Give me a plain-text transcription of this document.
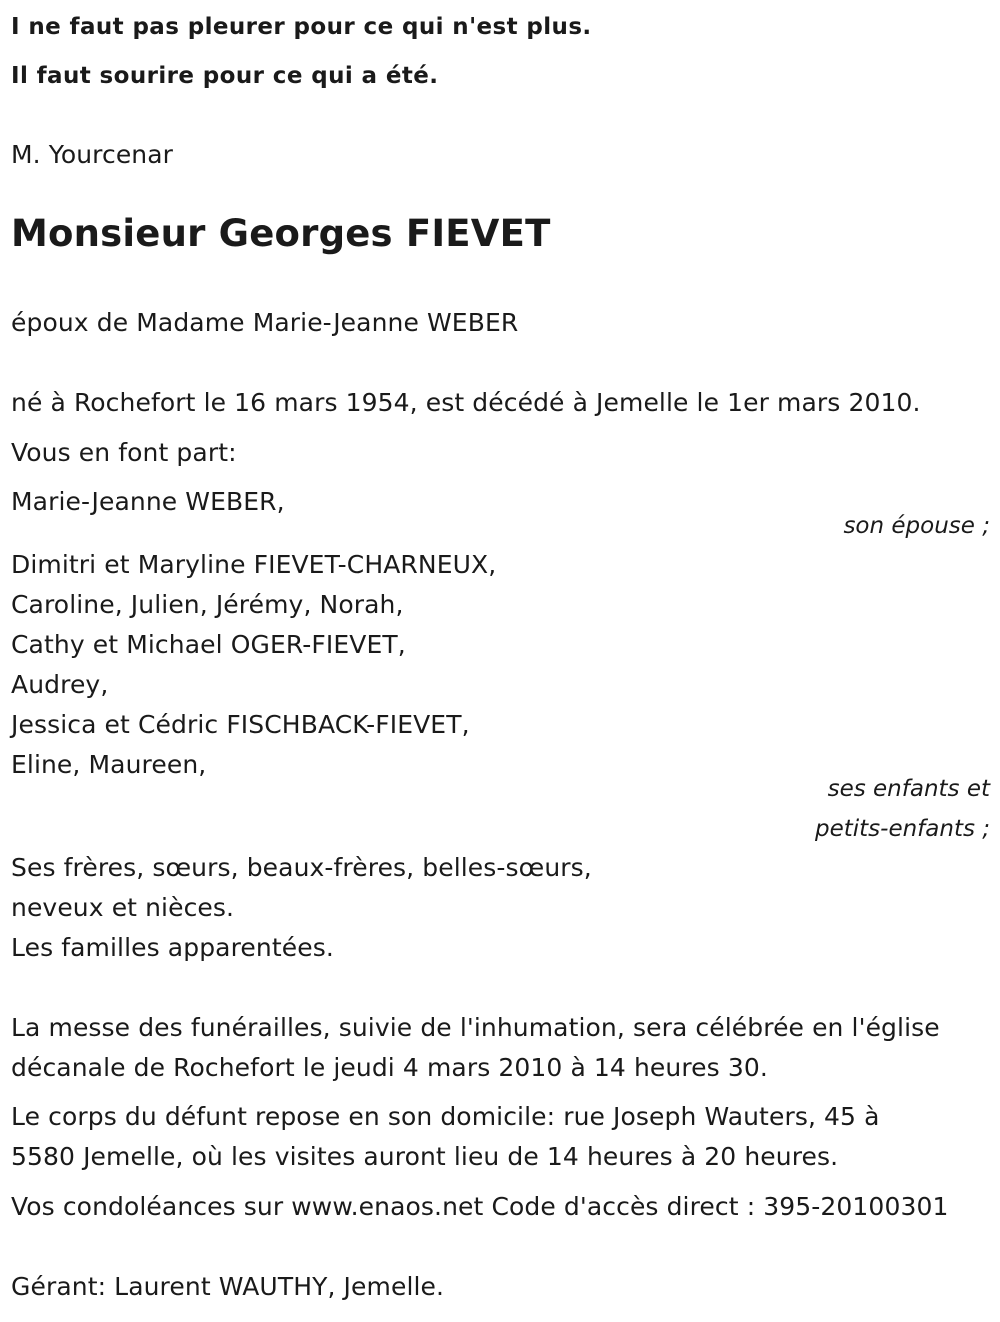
I ne faut pas pleurer pour ce qui n'est plus.
Il faut sourire pour ce qui a été.
M. Yourcenar
Monsieur Georges FIEVET
époux de Madame Marie-Jeanne WEBER
né à Rochefort le 16 mars 1954, est décédé à Jemelle le 1er mars 2010.
Vous en font part:
Marie-Jeanne WEBER,
son épouse ;
Dimitri et Maryline FIEVET-CHARNEUX,
Caroline, Julien, Jérémy, Norah,
Cathy et Michael OGER-FIEVET,
Audrey,
Jessica et Cédric FISCHBACK-FIEVET,
Eline, Maureen,
ses enfants et
petits-enfants ;
Ses frères, sœurs, beaux-frères, belles-sœurs,
neveux et nièces.
Les familles apparentées.
La messe des funérailles, suivie de l'inhumation, sera célébrée en l'église
décanale de Rochefort le jeudi 4 mars 2010 à 14 heures 30.
Le corps du défunt repose en son domicile: rue Joseph Wauters, 45 à
5580 Jemelle, où les visites auront lieu de 14 heures à 20 heures.
Vos condoléances sur www.enaos.net Code d'accès direct : 395-20100301
Gérant: Laurent WAUTHY, Jemelle.
